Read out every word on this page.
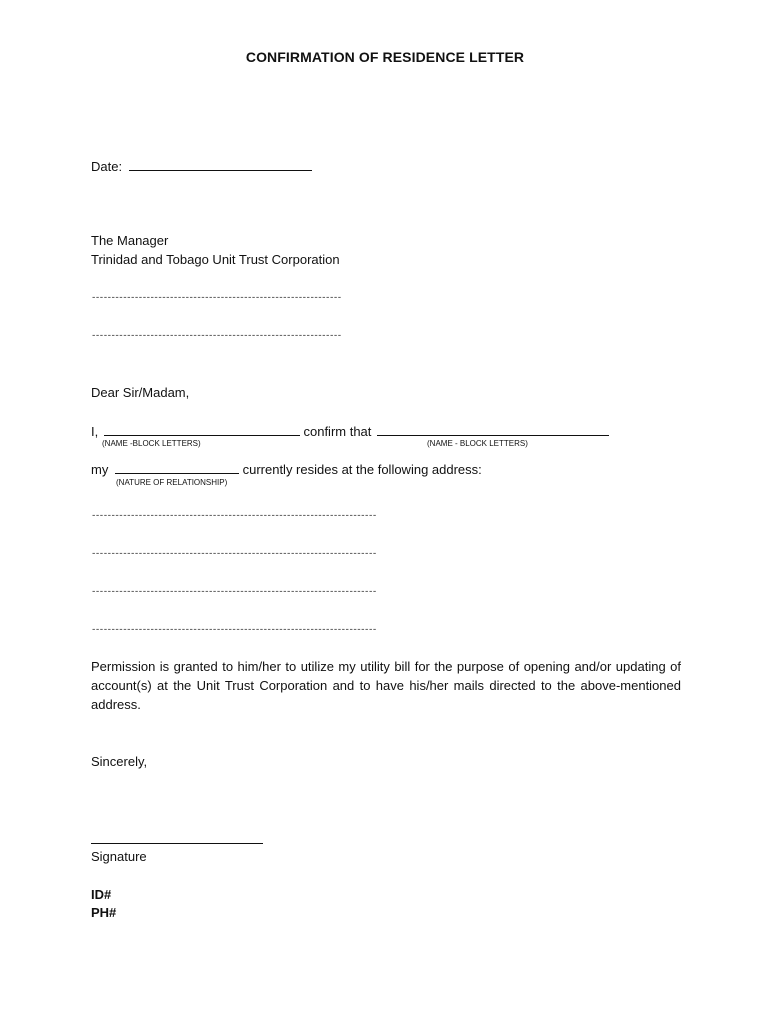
CONFIRMATION OF RESIDENCE LETTER
Date:
The Manager
Trinidad and Tobago Unit Trust Corporation
----------------------------------------------------------------
----------------------------------------------------------------
Dear Sir/Madam,
I,	confirm that
(NAME -BLOCK LETTERS)	(NAME - BLOCK LETTERS)
my	currently resides at the following address:
(NATURE OF RELATIONSHIP)
-------------------------------------------------------------------------
-------------------------------------------------------------------------
-------------------------------------------------------------------------
-------------------------------------------------------------------------
Permission is granted to him/her to utilize my utility bill for the purpose of opening and/or updating of account(s) at the Unit Trust Corporation and to have his/her mails directed to the above-mentioned address.
Sincerely,
Signature
ID#
PH#
